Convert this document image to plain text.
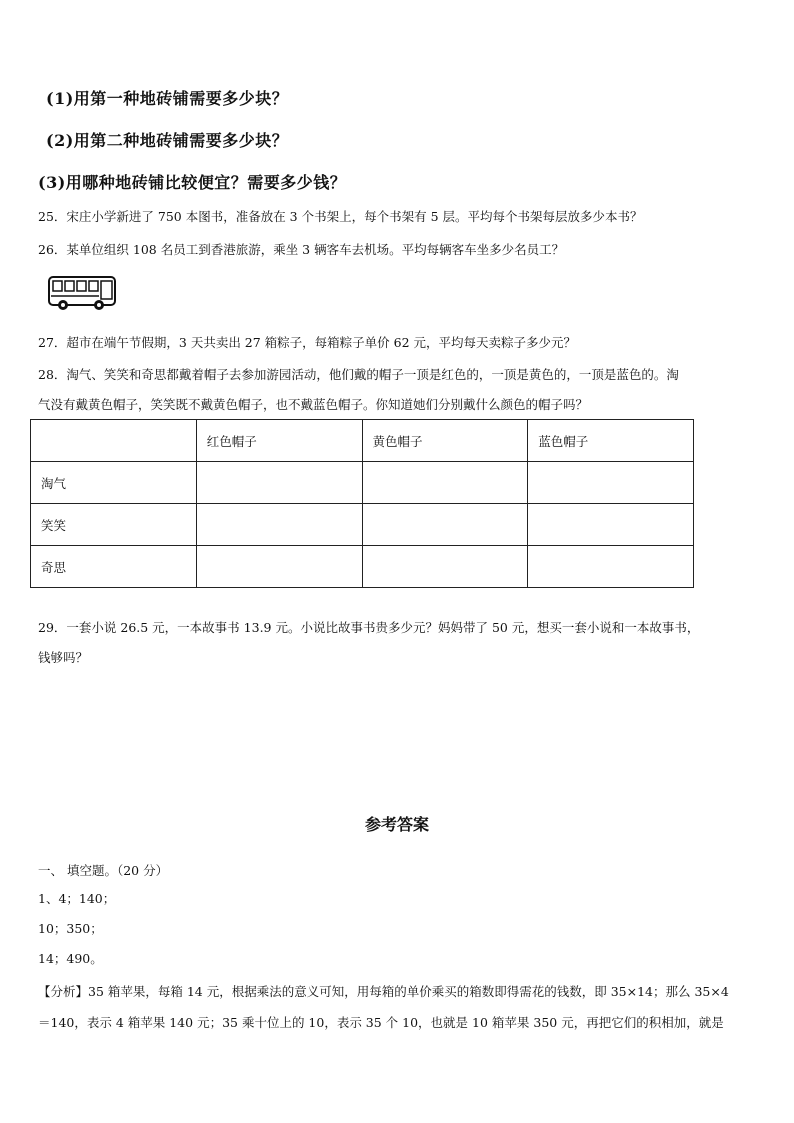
(1)用第一种地砖铺需要多少块？
(2)用第二种地砖铺需要多少块？
(3)用哪种地砖铺比较便宜？需要多少钱？
25．宋庄小学新进了 750 本图书，准备放在 3 个书架上，每个书架有 5 层。平均每个书架每层放多少本书？
26．某单位组织 108 名员工到香港旅游，乘坐 3 辆客车去机场。平均每辆客车坐多少名员工？
27．超市在端午节假期，3 天共卖出 27 箱粽子，每箱粽子单价 62 元，平均每天卖粽子多少元？
28．淘气、笑笑和奇思都戴着帽子去参加游园活动，他们戴的帽子一顶是红色的，一顶是黄色的，一顶是蓝色的。淘
气没有戴黄色帽子，笑笑既不戴黄色帽子，也不戴蓝色帽子。你知道她们分别戴什么颜色的帽子吗？
	红色帽子	黄色帽子	蓝色帽子
淘气			
笑笑			
奇思			
29．一套小说 26.5 元，一本故事书 13.9 元。小说比故事书贵多少元？妈妈带了 50 元，想买一套小说和一本故事书，
钱够吗？
参考答案
一、 填空题。（20 分）
1、4；140；
10；350；
14；490。
【分析】35 箱苹果，每箱 14 元，根据乘法的意义可知，用每箱的单价乘买的箱数即得需花的钱数，即 35×14；那么 35×4
＝140，表示 4 箱苹果 140 元；35 乘十位上的 10，表示 35 个 10，也就是 10 箱苹果 350 元，再把它们的积相加，就是
